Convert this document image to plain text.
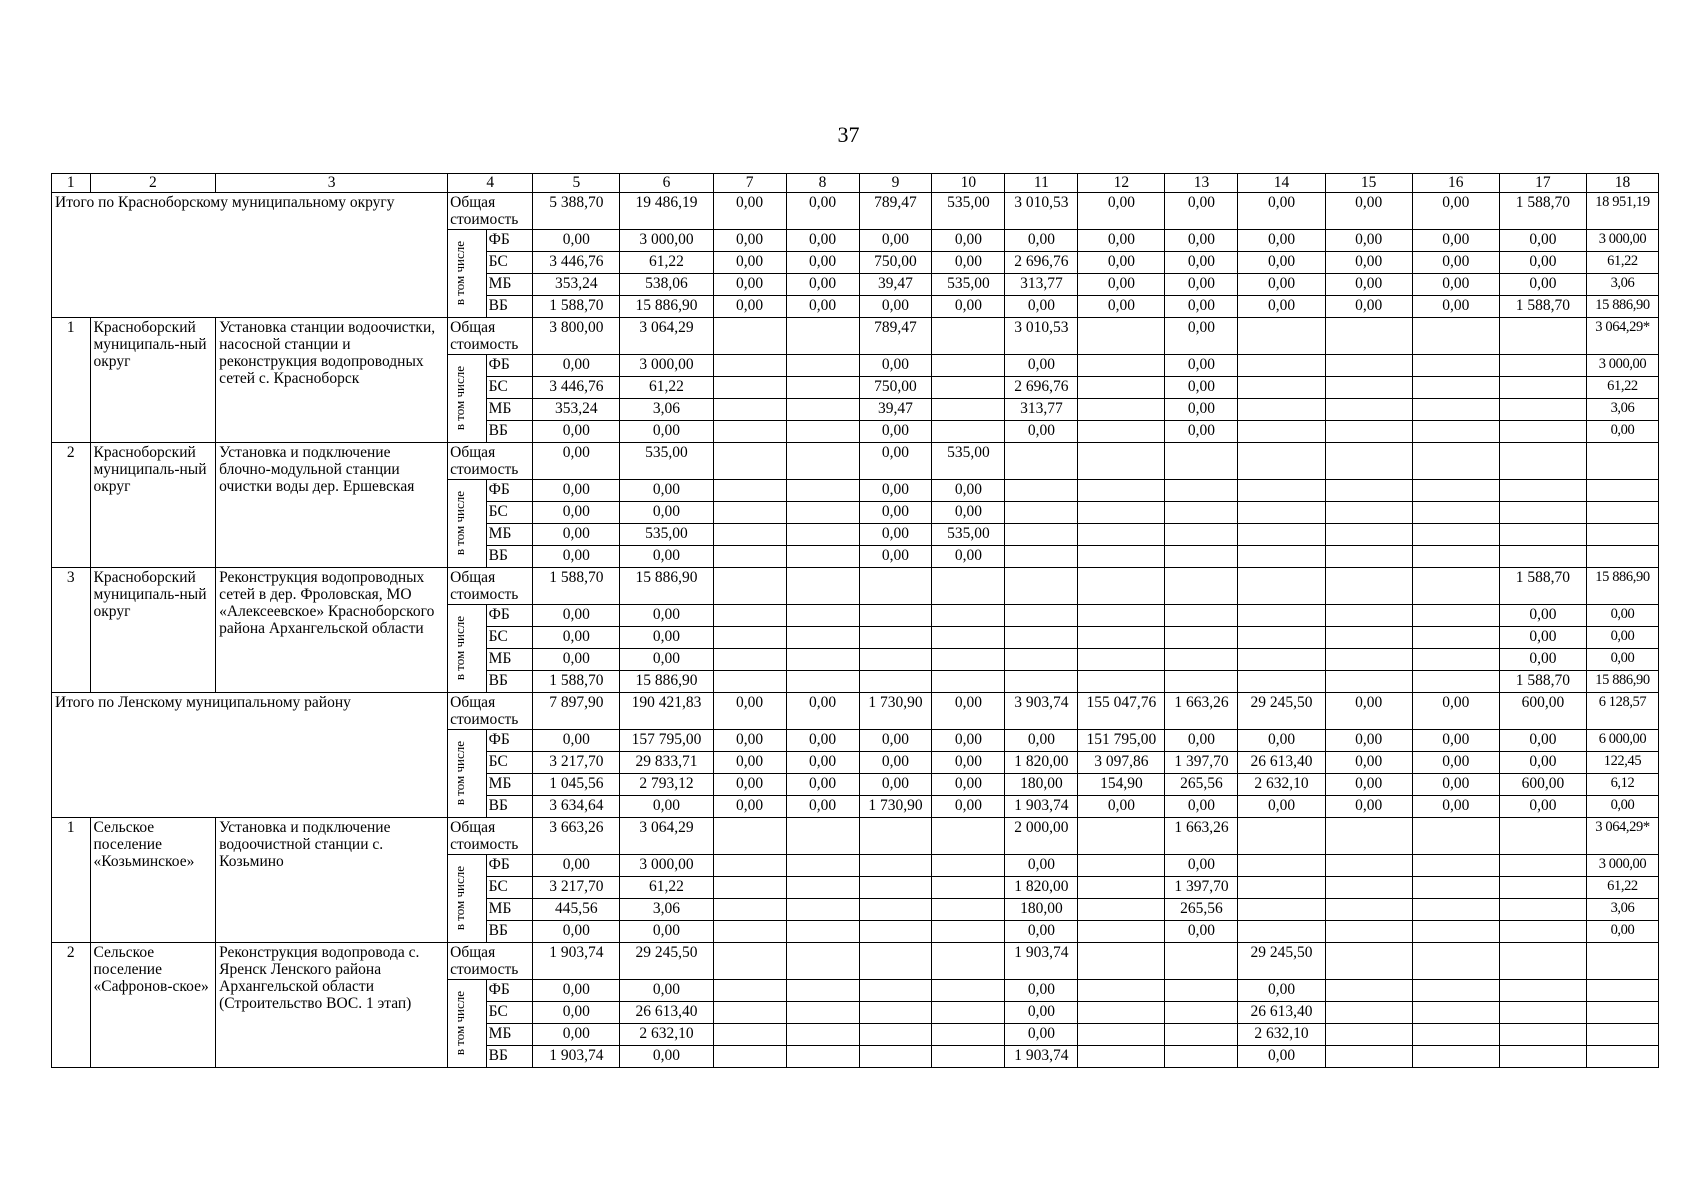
37
1	2	3	4		5	6	7	8	9	10	11	12	13	14	15	16	17	18
Итого по Красноборскому муниципальному округу			Общая стоимость		5 388,70	19 486,19	0,00	0,00	789,47	535,00	3 010,53	0,00	0,00	0,00	0,00	0,00	1 588,70	18 951,19

			в том числе	ФБ	0,00	3 000,00	0,00	0,00	0,00	0,00	0,00	0,00	0,00	0,00	0,00	0,00	0,00	3 000,00
				БС	3 446,76	61,22	0,00	0,00	750,00	0,00	2 696,76	0,00	0,00	0,00	0,00	0,00	0,00	61,22
				МБ	353,24	538,06	0,00	0,00	39,47	535,00	313,77	0,00	0,00	0,00	0,00	0,00	0,00	3,06
				ВБ	1 588,70	15 886,90	0,00	0,00	0,00	0,00	0,00	0,00	0,00	0,00	0,00	0,00	1 588,70	15 886,90
1	Красноборский муниципаль-ный округ	Установка станции водоочистки, насосной станции и реконструкция водопроводных сетей с. Красноборск	Общая стоимость		3 800,00	3 064,29			789,47		3 010,53		0,00					3 064,29*

			в том числе	ФБ	0,00	3 000,00			0,00		0,00		0,00					3 000,00
				БС	3 446,76	61,22			750,00		2 696,76		0,00					61,22
				МБ	353,24	3,06			39,47		313,77		0,00					3,06
				ВБ	0,00	0,00			0,00		0,00		0,00					0,00
2	Красноборский муниципаль-ный округ	Установка и подключение блочно-модульной станции очистки воды дер. Ершевская	Общая стоимость		0,00	535,00			0,00	535,00								

			в том числе	ФБ	0,00	0,00			0,00	0,00								
				БС	0,00	0,00			0,00	0,00								
				МБ	0,00	535,00			0,00	535,00								
				ВБ	0,00	0,00			0,00	0,00								
3	Красноборский муниципаль-ный округ	Реконструкция водопроводных сетей в дер. Фроловская, МО «Алексеевское» Красноборского района Архангельской области	Общая стоимость		1 588,70	15 886,90											1 588,70	15 886,90

			в том числе	ФБ	0,00	0,00											0,00	0,00
				БС	0,00	0,00											0,00	0,00
				МБ	0,00	0,00											0,00	0,00
				ВБ	1 588,70	15 886,90											1 588,70	15 886,90
Итого по Ленскому муниципальному району			Общая стоимость		7 897,90	190 421,83	0,00	0,00	1 730,90	0,00	3 903,74	155 047,76	1 663,26	29 245,50	0,00	0,00	600,00	6 128,57

			в том числе	ФБ	0,00	157 795,00	0,00	0,00	0,00	0,00	0,00	151 795,00	0,00	0,00	0,00	0,00	0,00	6 000,00
				БС	3 217,70	29 833,71	0,00	0,00	0,00	0,00	1 820,00	3 097,86	1 397,70	26 613,40	0,00	0,00	0,00	122,45
				МБ	1 045,56	2 793,12	0,00	0,00	0,00	0,00	180,00	154,90	265,56	2 632,10	0,00	0,00	600,00	6,12
				ВБ	3 634,64	0,00	0,00	0,00	1 730,90	0,00	1 903,74	0,00	0,00	0,00	0,00	0,00	0,00	0,00
1	Сельское поселение «Козьминское»	Установка и подключение водоочистной станции с. Козьмино	Общая стоимость		3 663,26	3 064,29					2 000,00		1 663,26					3 064,29*

			в том числе	ФБ	0,00	3 000,00					0,00		0,00					3 000,00
				БС	3 217,70	61,22					1 820,00		1 397,70					61,22
				МБ	445,56	3,06					180,00		265,56					3,06
				ВБ	0,00	0,00					0,00		0,00					0,00
2	Сельское поселение «Сафронов-ское»	Реконструкция водопровода с. Яренск Ленского района Архангельской области (Строительство ВОС. 1 этап)	Общая стоимость		1 903,74	29 245,50					1 903,74			29 245,50				

			в том числе	ФБ	0,00	0,00					0,00			0,00				
				БС	0,00	26 613,40					0,00			26 613,40				
				МБ	0,00	2 632,10					0,00			2 632,10				
				ВБ	1 903,74	0,00					1 903,74			0,00				
